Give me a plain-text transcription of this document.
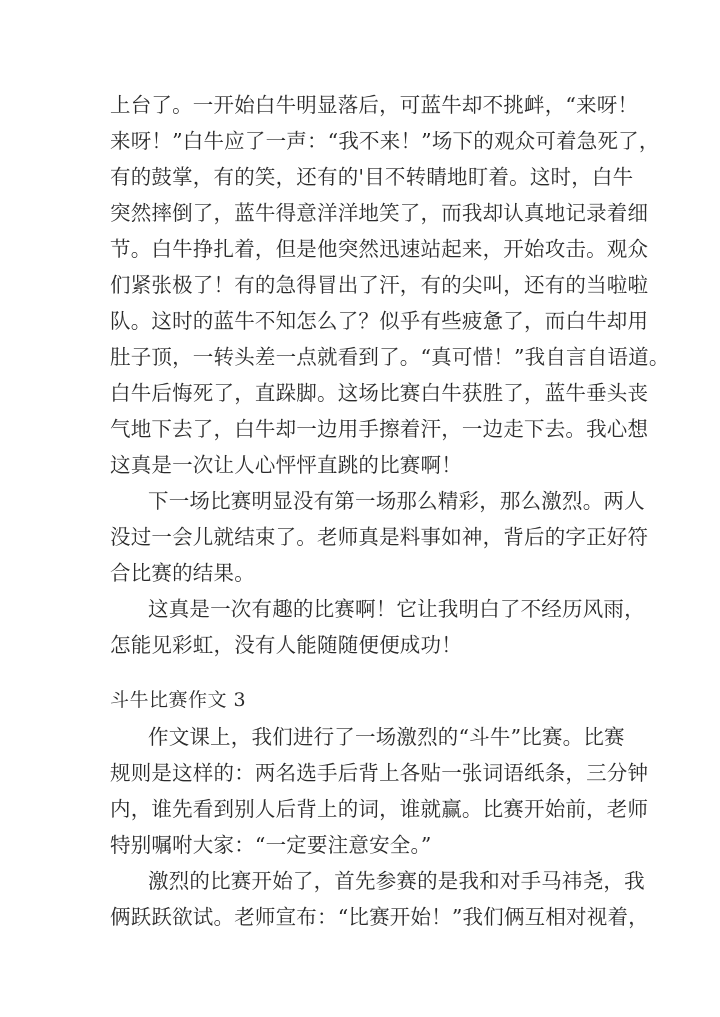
上台了。一开始白牛明显落后，可蓝牛却不挑衅，“来呀！
来呀！”白牛应了一声：“我不来！”场下的观众可着急死了，
有的鼓掌，有的笑，还有的'目不转睛地盯着。这时，白牛
突然摔倒了，蓝牛得意洋洋地笑了，而我却认真地记录着细
节。白牛挣扎着，但是他突然迅速站起来，开始攻击。观众
们紧张极了！有的急得冒出了汗，有的尖叫，还有的当啦啦
队。这时的蓝牛不知怎么了？似乎有些疲惫了，而白牛却用
肚子顶，一转头差一点就看到了。“真可惜！”我自言自语道。
白牛后悔死了，直跺脚。这场比赛白牛获胜了，蓝牛垂头丧
气地下去了，白牛却一边用手擦着汗，一边走下去。我心想
这真是一次让人心怦怦直跳的比赛啊！
下一场比赛明显没有第一场那么精彩，那么激烈。两人
没过一会儿就结束了。老师真是料事如神，背后的字正好符
合比赛的结果。
这真是一次有趣的比赛啊！它让我明白了不经历风雨，
怎能见彩虹，没有人能随随便便成功！
斗牛比赛作文 3
作文课上，我们进行了一场激烈的“斗牛”比赛。比赛
规则是这样的：两名选手后背上各贴一张词语纸条，三分钟
内，谁先看到别人后背上的词，谁就赢。比赛开始前，老师
特别嘱咐大家：“一定要注意安全。”
激烈的比赛开始了，首先参赛的是我和对手马祎尧，我
俩跃跃欲试。老师宣布：“比赛开始！”我们俩互相对视着，
